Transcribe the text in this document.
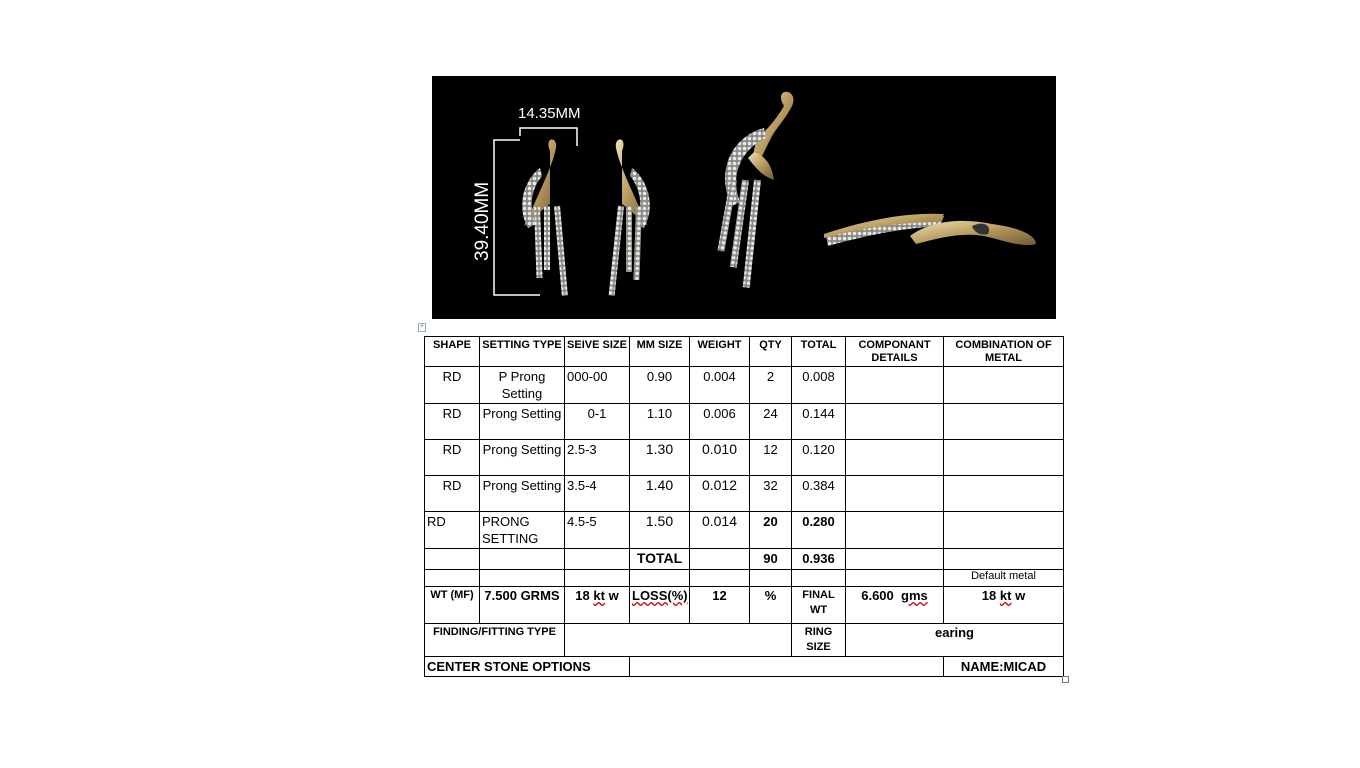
14.35MM
39.40MM
+
SHAPE	SETTING TYPE	SEIVE SIZE	MM SIZE	WEIGHT	QTY	TOTAL	COMPONANT DETAILS	COMBINATION OF METAL
RD	P Prong Setting	000-00	0.90	0.004	2	0.008		
RD	Prong Setting	0-1	1.10	0.006	24	0.144		
RD	Prong Setting	2.5-3	1.30	0.010	12	0.120		
RD	Prong Setting	3.5-4	1.40	0.012	32	0.384		
RD	PRONG SETTING	4.5-5	1.50	0.014	20	0.280		
			TOTAL		90	0.936		
								Default metal
WT (MF)	7.500 GRMS	18 kt w	LOSS(%)	12	%	FINAL WT	6.600 gms	18 kt w
FINDING/FITTING TYPE						RING SIZE	earing	
CENTER STONE OPTIONS								NAME:MICAD
